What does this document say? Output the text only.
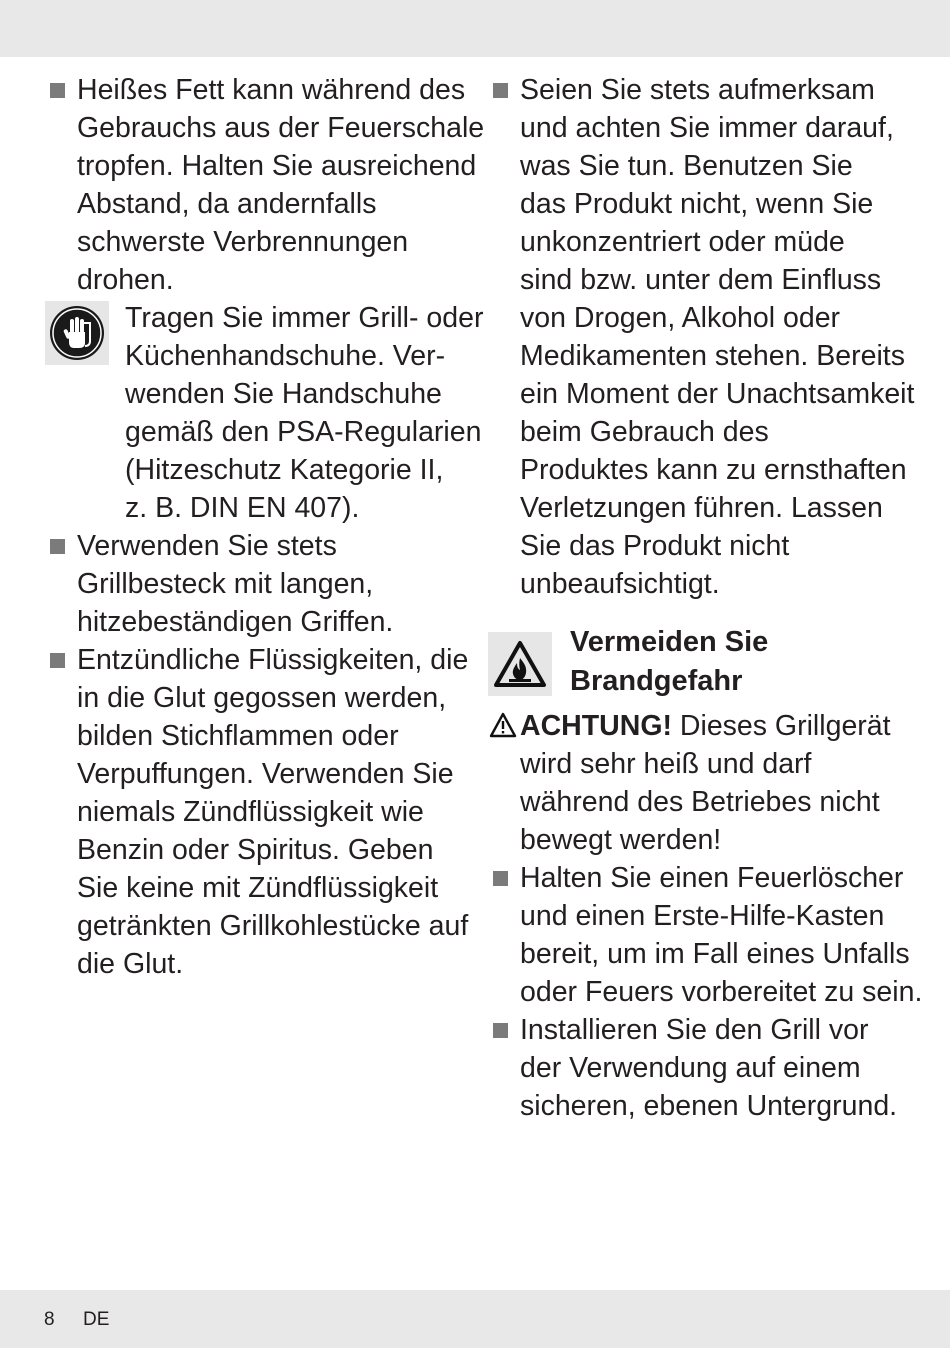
Heißes Fett kann während des
Gebrauchs aus der Feuerschale
tropfen. Halten Sie ausreichend
Abstand, da andernfalls
schwerste Verbrennungen
drohen.
Tragen Sie immer Grill- oder
Küchenhandschuhe. Ver-
wenden Sie Handschuhe
gemäß den PSA-Regularien
(Hitzeschutz Kategorie II,
z. B. DIN EN 407).
Verwenden Sie stets
Grillbesteck mit langen,
hitzebeständigen Griffen.
Entzündliche Flüssigkeiten, die
in die Glut gegossen werden,
bilden Stichflammen oder
Verpuffungen. Verwenden Sie
niemals Zündflüssigkeit wie
Benzin oder Spiritus. Geben
Sie keine mit Zündflüssigkeit
getränkten Grillkohlestücke auf
die Glut.
Seien Sie stets aufmerksam
und achten Sie immer darauf,
was Sie tun. Benutzen Sie
das Produkt nicht, wenn Sie
unkonzentriert oder müde
sind bzw. unter dem Einfluss
von Drogen, Alkohol oder
Medikamenten stehen. Bereits
ein Moment der Unachtsamkeit
beim Gebrauch des
Produktes kann zu ernsthaften
Verletzungen führen. Lassen
Sie das Produkt nicht
unbeaufsichtigt.
Vermeiden Sie
Brandgefahr
ACHTUNG! Dieses Grillgerät
wird sehr heiß und darf
während des Betriebes nicht
bewegt werden!
Halten Sie einen Feuerlöscher
und einen Erste-Hilfe-Kasten
bereit, um im Fall eines Unfalls
oder Feuers vorbereitet zu sein.
Installieren Sie den Grill vor
der Verwendung auf einem
sicheren, ebenen Untergrund.
8 DE
